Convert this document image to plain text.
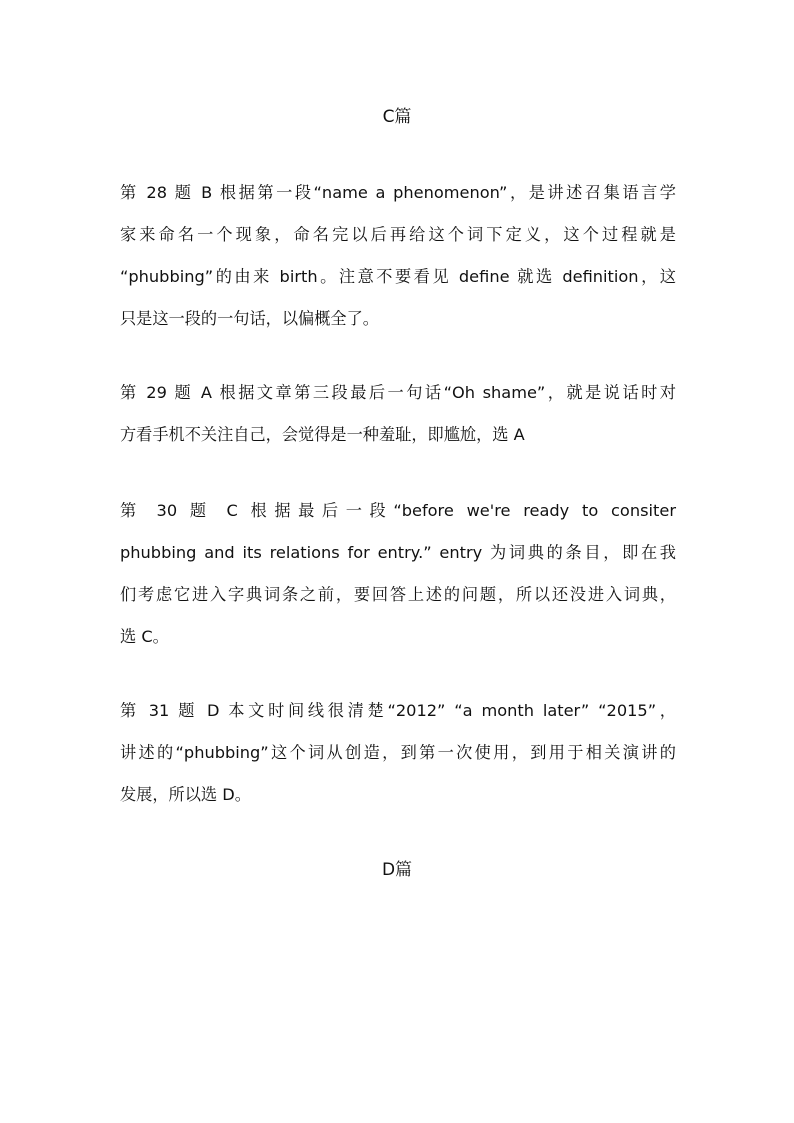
C篇
第 28 题 B 根据第一段“name a phenomenon”，是讲述召集语言学
家来命名一个现象，命名完以后再给这个词下定义，这个过程就是
“phubbing”的由来 birth。注意不要看见 define 就选 definition，这
只是这一段的一句话，以偏概全了。
第 29 题 A 根据文章第三段最后一句话“Oh shame”，就是说话时对
方看手机不关注自己，会觉得是一种羞耻，即尴尬，选 A
第 30 题 C 根据最后一段“before we're ready to consiter
phubbing and its relations for entry.” entry 为词典的条目，即在我
们考虑它进入字典词条之前，要回答上述的问题，所以还没进入词典，
选 C。
第 31 题 D 本文时间线很清楚“2012” “a month later” “2015”，
讲述的“phubbing”这个词从创造，到第一次使用，到用于相关演讲的
发展，所以选 D。
D篇
